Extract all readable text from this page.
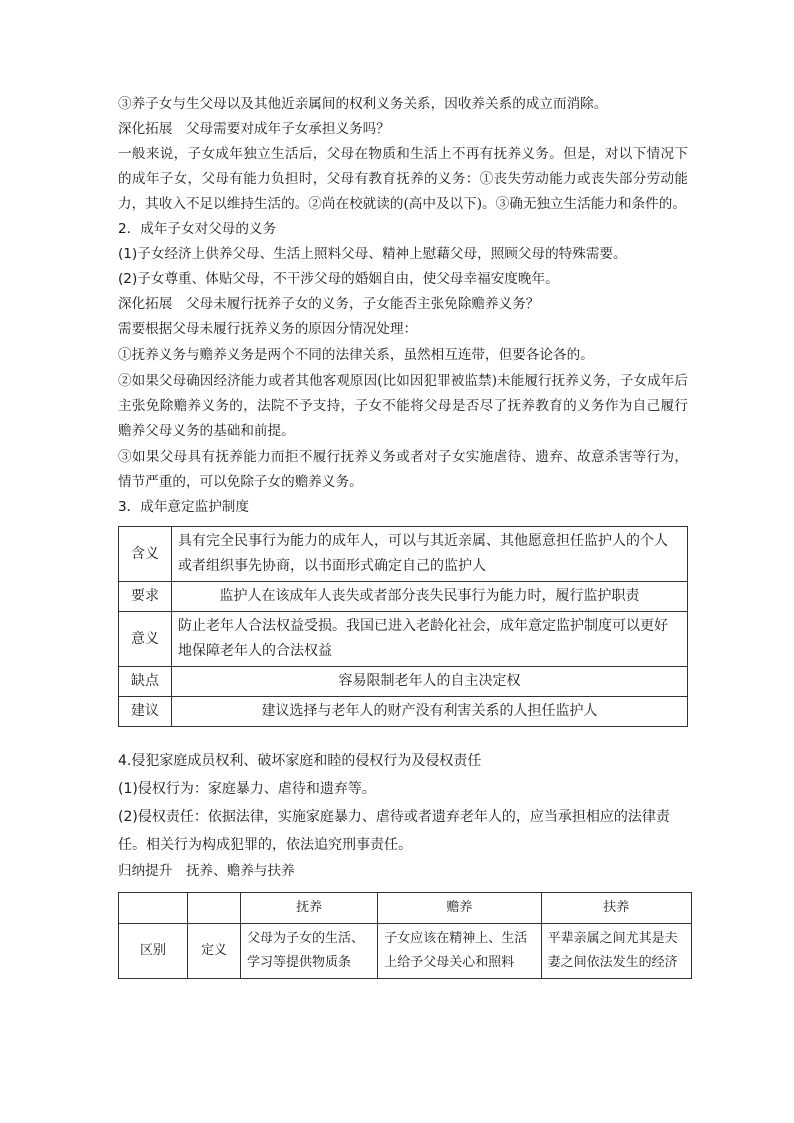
③养子女与生父母以及其他近亲属间的权利义务关系，因收养关系的成立而消除。

深化拓展　父母需要对成年子女承担义务吗？

一般来说，子女成年独立生活后，父母在物质和生活上不再有抚养义务。但是，对以下情况下的成年子女，父母有能力负担时，父母有教育抚养的义务：①丧失劳动能力或丧失部分劳动能力，其收入不足以维持生活的。②尚在校就读的(高中及以下)。③确无独立生活能力和条件的。

2．成年子女对父母的义务

(1)子女经济上供养父母、生活上照料父母、精神上慰藉父母，照顾父母的特殊需要。

(2)子女尊重、体贴父母，不干涉父母的婚姻自由，使父母幸福安度晚年。

深化拓展　父母未履行抚养子女的义务，子女能否主张免除赡养义务？

需要根据父母未履行抚养义务的原因分情况处理：

①抚养义务与赡养义务是两个不同的法律关系，虽然相互连带，但要各论各的。

②如果父母确因经济能力或者其他客观原因(比如因犯罪被监禁)未能履行抚养义务，子女成年后主张免除赡养义务的，法院不予支持，子女不能将父母是否尽了抚养教育的义务作为自己履行赡养父母义务的基础和前提。

③如果父母具有抚养能力而拒不履行抚养义务或者对子女实施虐待、遗弃、故意杀害等行为，情节严重的，可以免除子女的赡养义务。

3．成年意定监护制度

含义	具有完全民事行为能力的成年人，可以与其近亲属、其他愿意担任监护人的个人或者组织事先协商，以书面形式确定自己的监护人
要求	监护人在该成年人丧失或者部分丧失民事行为能力时，履行监护职责
意义	防止老年人合法权益受损。我国已进入老龄化社会，成年意定监护制度可以更好地保障老年人的合法权益
缺点	容易限制老年人的自主决定权
建议	建议选择与老年人的财产没有利害关系的人担任监护人

4.侵犯家庭成员权利、破坏家庭和睦的侵权行为及侵权责任

(1)侵权行为：家庭暴力、虐待和遗弃等。

(2)侵权责任：依据法律，实施家庭暴力、虐待或者遗弃老年人的，应当承担相应的法律责任。相关行为构成犯罪的，依法追究刑事责任。

归纳提升　抚养、赡养与扶养

		抚养	赡养	扶养
区别	定义	父母为子女的生活、学习等提供物质条	子女应该在精神上、生活上给予父母关心和照料	平辈亲属之间尤其是夫妻之间依法发生的经济
